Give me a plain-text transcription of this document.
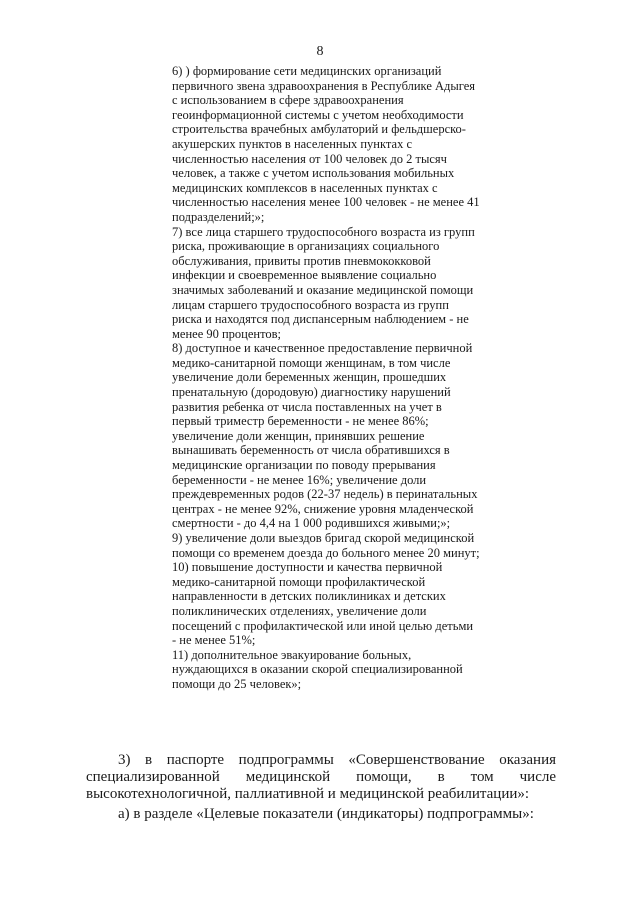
8

6) ) формирование сети медицинских организаций первичного звена здравоохранения в Республике Адыгея с использованием в сфере здравоохранения геоинформационной системы с учетом необходимости строительства врачебных амбулаторий и фельдшерско-акушерских пунктов в населенных пунктах с численностью населения от 100 человек до 2 тысяч человек, а также с учетом использования мобильных медицинских комплексов в населенных пунктах с численностью населения менее 100 человек - не менее 41 подразделений;»;

7) все лица старшего трудоспособного возраста из групп риска, проживающие в организациях социального обслуживания, привиты против пневмококковой инфекции и своевременное выявление социально значимых заболеваний и оказание медицинской помощи лицам старшего трудоспособного возраста из групп риска и находятся под диспансерным наблюдением - не менее 90 процентов;

8) доступное и качественное предоставление первичной медико-санитарной помощи женщинам, в том числе увеличение доли беременных женщин, прошедших пренатальную (дородовую) диагностику нарушений развития ребенка от числа поставленных на учет в первый триместр беременности - не менее 86%; увеличение доли женщин, принявших решение вынашивать беременность от числа обратившихся в медицинские организации по поводу прерывания беременности - не менее 16%; увеличение доли преждевременных родов (22-37 недель) в перинатальных центрах - не менее 92%, снижение уровня младенческой смертности - до 4,4 на 1 000 родившихся живыми;»;

9) увеличение доли выездов бригад скорой медицинской помощи со временем доезда до больного менее 20 минут;

10) повышение доступности и качества первичной медико-санитарной помощи профилактической направленности в детских поликлиниках и детских поликлинических отделениях, увеличение доли посещений с профилактической или иной целью детьми - не менее 51%;

11) дополнительное эвакуирование больных, нуждающихся в оказании скорой специализированной помощи до 25 человек»;

3) в паспорте подпрограммы «Совершенствование оказания специализированной медицинской помощи, в том числе высокотехнологичной, паллиативной и медицинской реабилитации»:

а) в разделе «Целевые показатели (индикаторы) подпрограммы»:
